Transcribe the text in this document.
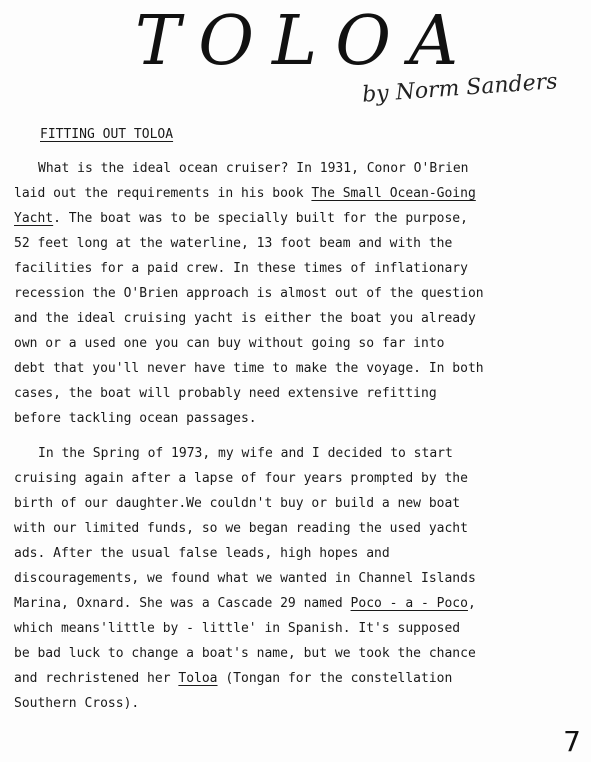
TOLOA
by Norm Sanders
FITTING OUT TOLOA
What is the ideal ocean cruiser? In 1931, Conor O'Brien
laid out the requirements in his book The Small Ocean-Going
Yacht. The boat was to be specially built for the purpose,
52 feet long at the waterline, 13 foot beam and with the
facilities for a paid crew. In these times of inflationary
recession the O'Brien approach is almost out of the question
and the ideal cruising yacht is either the boat you already
own or a used one you can buy without going so far into
debt that you'll never have time to make the voyage. In both
cases, the boat will probably need extensive refitting
before tackling ocean passages.
In the Spring of 1973, my wife and I decided to start
cruising again after a lapse of four years prompted by the
birth of our daughter.We couldn't buy or build a new boat
with our limited funds, so we began reading the used yacht
ads. After the usual false leads, high hopes and
discouragements, we found what we wanted in Channel Islands
Marina, Oxnard. She was a Cascade 29 named Poco - a - Poco,
which means'little by - little' in Spanish. It's supposed
be bad luck to change a boat's name, but we took the chance
and rechristened her Toloa (Tongan for the constellation
Southern Cross).
7
